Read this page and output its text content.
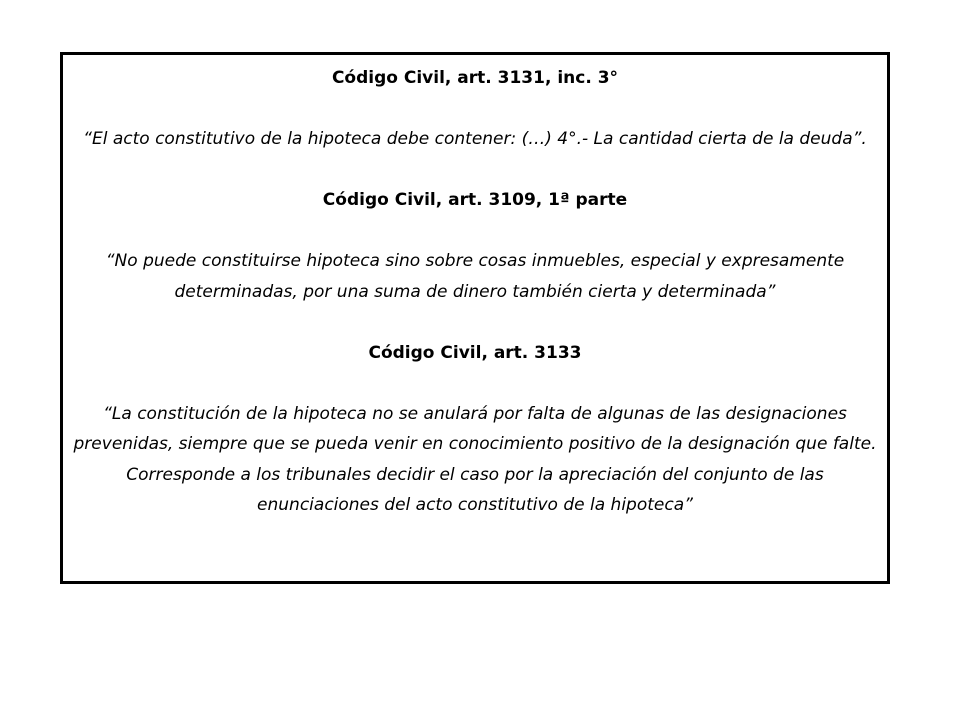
Código Civil, art. 3131, inc. 3°

“El acto constitutivo de la hipoteca debe contener: (…) 4°.- La cantidad cierta de la deuda”.

Código Civil, art. 3109, 1ª parte

“No puede constituirse hipoteca sino sobre cosas inmuebles, especial y expresamente determinadas, por una suma de dinero también cierta y determinada”

Código Civil, art. 3133

“La constitución de la hipoteca no se anulará por falta de algunas de las designaciones prevenidas, siempre que se pueda venir en conocimiento positivo de la designación que falte. Corresponde a los tribunales decidir el caso por la apreciación del conjunto de las enunciaciones del acto constitutivo de la hipoteca”
